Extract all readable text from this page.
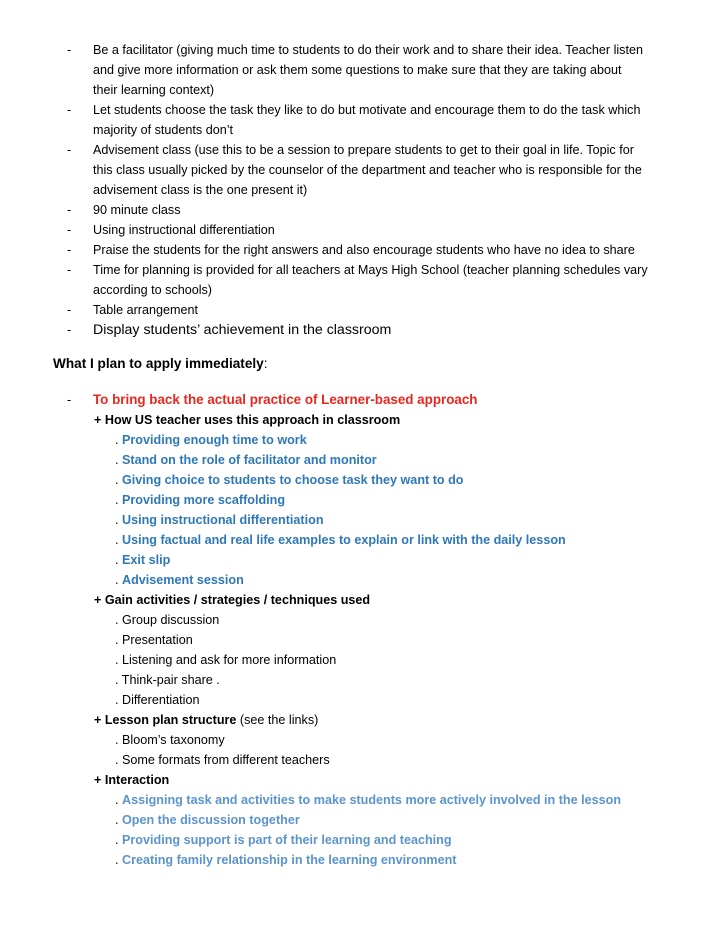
-	Be a facilitator (giving much time to students to do their work and to share their idea. Teacher listen
and give more information or ask them some questions to make sure that they are taking about
their learning context)
-	Let students choose the task they like to do but motivate and encourage them to do the task which
majority of students don’t
-	Advisement class (use this to be a session to prepare students to get to their goal in life. Topic for
this class usually picked by the counselor of the department and teacher who is responsible for the
advisement class is the one present it)
-	90 minute class
-	Using instructional differentiation
-	Praise the students for the right answers and also encourage students who have no idea to share
-	Time for planning is provided for all teachers at Mays High School (teacher planning schedules vary
according to schools)
-	Table arrangement
-	Display students’ achievement in the classroom
What I plan to apply immediately:
-	To bring back the actual practice of Learner-based approach
+ How US teacher uses this approach in classroom
. Providing enough time to work
. Stand on the role of facilitator and monitor
. Giving choice to students to choose task they want to do
. Providing more scaffolding
. Using instructional differentiation
. Using factual and real life examples to explain or link with the daily lesson
. Exit slip
. Advisement session
+ Gain activities / strategies / techniques used
. Group discussion
. Presentation
. Listening and ask for more information
. Think-pair share .
. Differentiation
+ Lesson plan structure (see the links)
. Bloom’s taxonomy
. Some formats from different teachers
+ Interaction
. Assigning task and activities to make students more actively involved in the lesson
. Open the discussion together
. Providing support is part of their learning and teaching
. Creating family relationship in the learning environment
